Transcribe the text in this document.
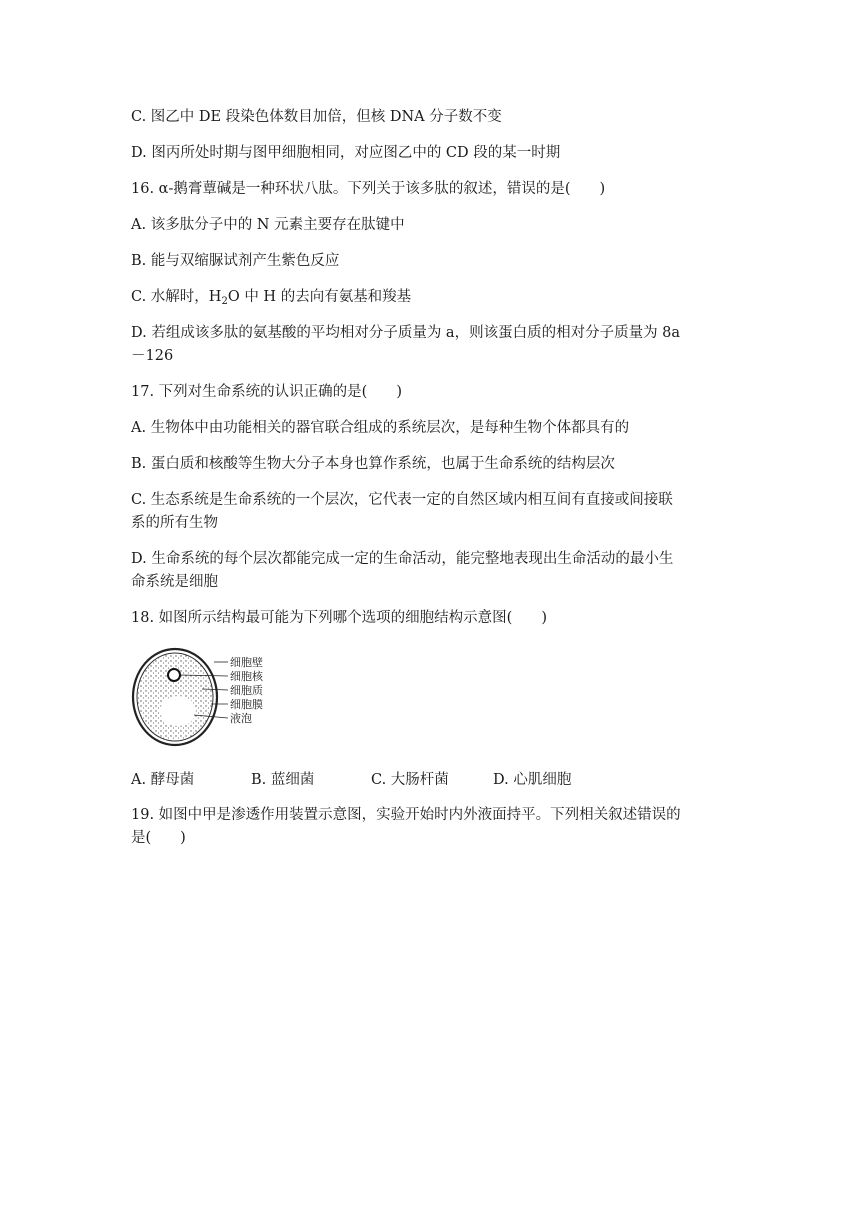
C. 图乙中 DE 段染色体数目加倍，但核 DNA 分子数不变
D. 图丙所处时期与图甲细胞相同，对应图乙中的 CD 段的某一时期
16. α-鹅膏蕈碱是一种环状八肽。下列关于该多肽的叙述，错误的是(　　)
A. 该多肽分子中的 N 元素主要存在肽键中
B. 能与双缩脲试剂产生紫色反应
C. 水解时，$H_2O$ 中 H 的去向有氨基和羧基
D. 若组成该多肽的氨基酸的平均相对分子质量为 a，则该蛋白质的相对分子质量为 8a
－126
17. 下列对生命系统的认识正确的是(　　)
A. 生物体中由功能相关的器官联合组成的系统层次，是每种生物个体都具有的
B. 蛋白质和核酸等生物大分子本身也算作系统，也属于生命系统的结构层次
C. 生态系统是生命系统的一个层次，它代表一定的自然区域内相互间有直接或间接联
系的所有生物
D. 生命系统的每个层次都能完成一定的生命活动，能完整地表现出生命活动的最小生
命系统是细胞
18. 如图所示结构最可能为下列哪个选项的细胞结构示意图(　　)
细胞壁
细胞核
细胞质
细胞膜
液泡
A. 酵母菌	B. 蓝细菌	C. 大肠杆菌	D. 心肌细胞
19. 如图中甲是渗透作用装置示意图，实验开始时内外液面持平。下列相关叙述错误的
是(　　)
